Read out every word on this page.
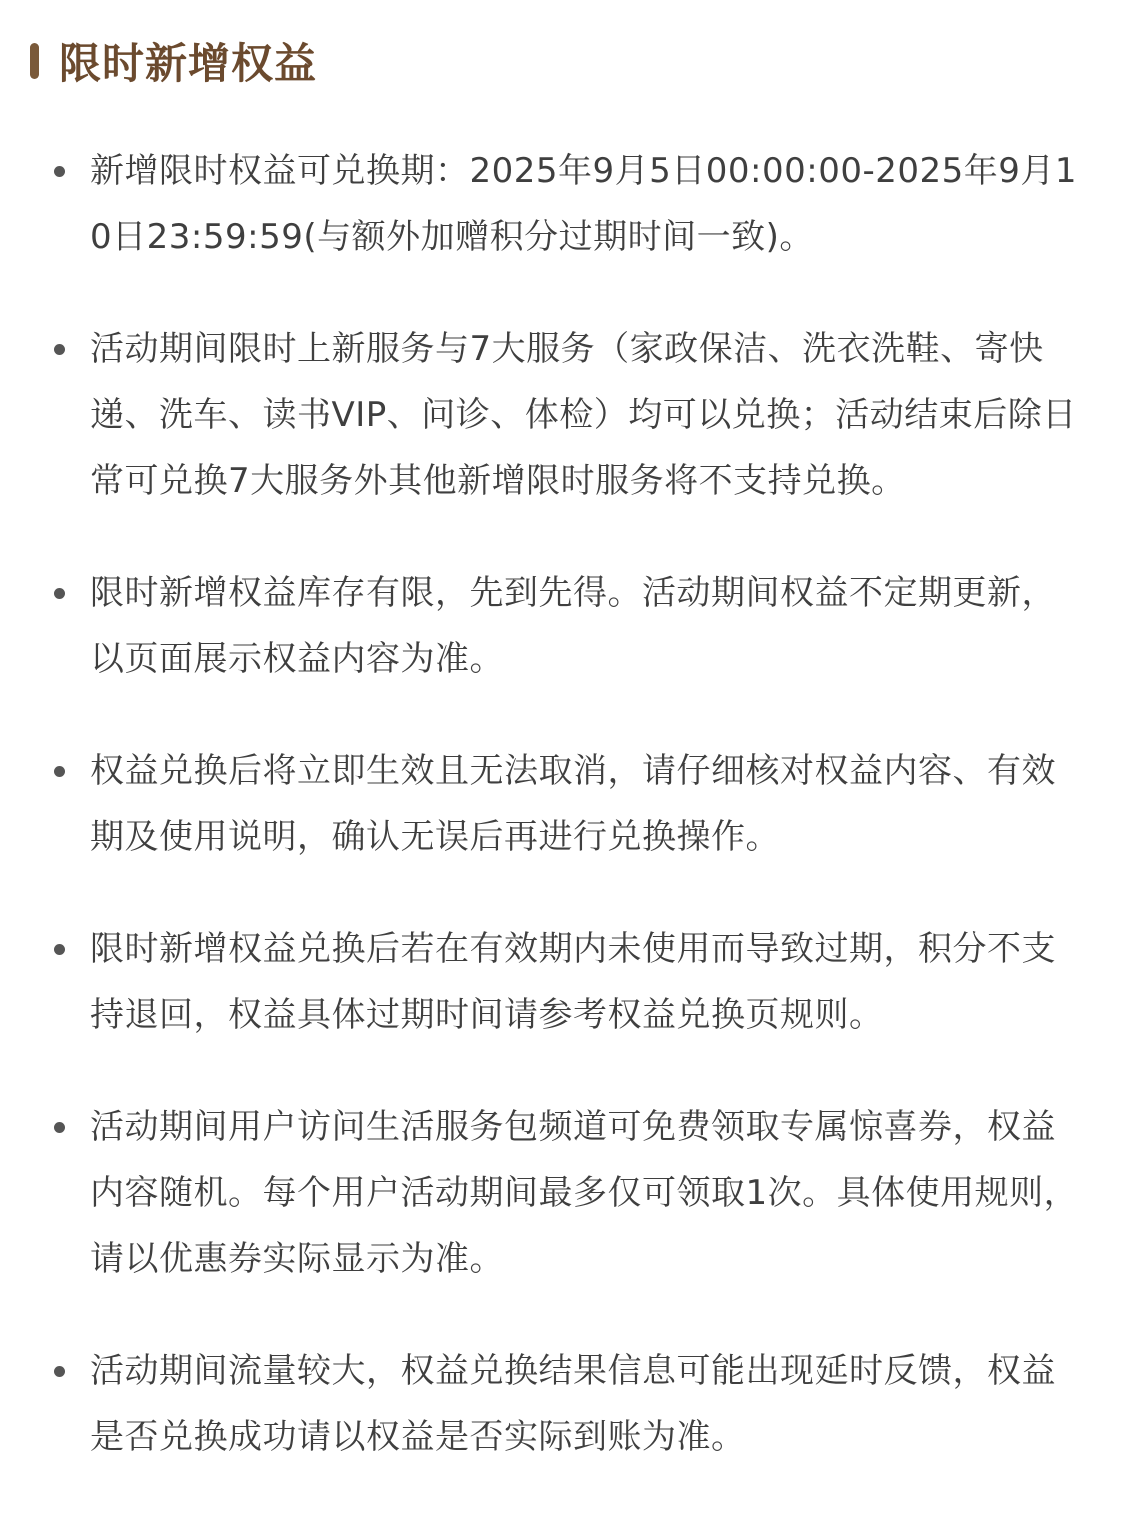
限时新增权益
新增限时权益可兑换期：2025年9月5日00:00:00-2025年9月10日23:59:59(与额外加赠积分过期时间一致)。
活动期间限时上新服务与7大服务（家政保洁、洗衣洗鞋、寄快递、洗车、读书VIP、问诊、体检）均可以兑换；活动结束后除日常可兑换7大服务外其他新增限时服务将不支持兑换。
限时新增权益库存有限，先到先得。活动期间权益不定期更新，以页面展示权益内容为准。
权益兑换后将立即生效且无法取消，请仔细核对权益内容、有效期及使用说明，确认无误后再进行兑换操作。
限时新增权益兑换后若在有效期内未使用而导致过期，积分不支持退回，权益具体过期时间请参考权益兑换页规则。
活动期间用户访问生活服务包频道可免费领取专属惊喜券，权益内容随机。每个用户活动期间最多仅可领取1次。具体使用规则，请以优惠券实际显示为准。
活动期间流量较大，权益兑换结果信息可能出现延时反馈，权益是否兑换成功请以权益是否实际到账为准。
